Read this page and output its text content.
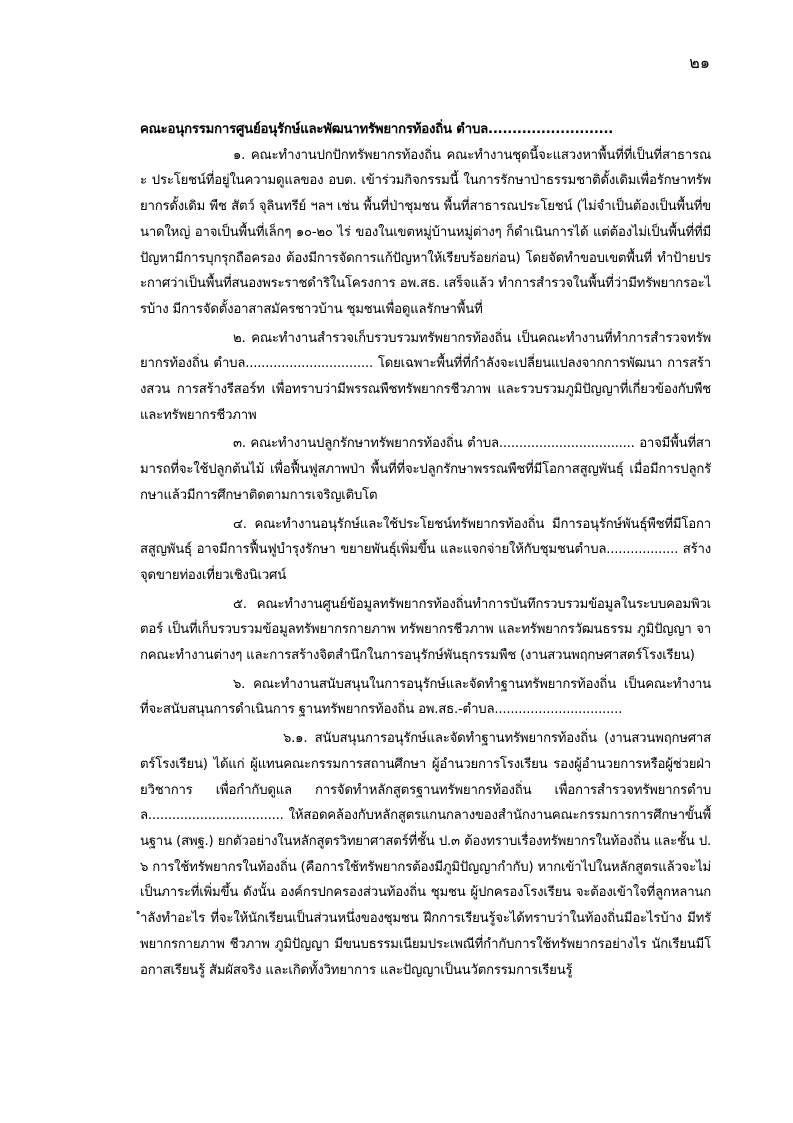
๒๑

คณะอนุกรรมการศูนย์อนุรักษ์และพัฒนาทรัพยากรท้องถิ่น ตำบล..........................

๑. คณะทำงานปกปักทรัพยากรท้องถิ่น คณะทำงานชุดนี้จะแสวงหาพื้นที่ที่เป็นที่สาธารณะ ประโยชน์ที่อยู่ในความดูแลของ อบต. เข้าร่วมกิจกรรมนี้ ในการรักษาป่าธรรมชาติดั้งเดิมเพื่อรักษาทรัพยากรดั้งเดิม พืช สัตว์ จุลินทรีย์ ฯลฯ เช่น พื้นที่ป่าชุมชน พื้นที่สาธารณประโยชน์ (ไม่จำเป็นต้องเป็นพื้นที่ขนาดใหญ่ อาจเป็นพื้นที่เล็กๆ ๑๐-๒๐ ไร่ ของในเขตหมู่บ้านหมู่ต่างๆ ก็ดำเนินการได้ แต่ต้องไม่เป็นพื้นที่ที่มีปัญหามีการบุกรุกถือครอง ต้องมีการจัดการแก้ปัญหาให้เรียบร้อยก่อน) โดยจัดทำขอบเขตพื้นที่ ทำป้ายประกาศว่าเป็นพื้นที่สนองพระราชดำริในโครงการ อพ.สธ. เสร็จแล้ว ทำการสำรวจในพื้นที่ว่ามีทรัพยากรอะไรบ้าง มีการจัดตั้งอาสาสมัครชาวบ้าน ชุมชนเพื่อดูแลรักษาพื้นที่

๒. คณะทำงานสำรวจเก็บรวบรวมทรัพยากรท้องถิ่น เป็นคณะทำงานที่ทำการสำรวจทรัพยากรท้องถิ่น ตำบล................................ โดยเฉพาะพื้นที่ที่กำลังจะเปลี่ยนแปลงจากการพัฒนา การสร้างสวน การสร้างรีสอร์ท เพื่อทราบว่ามีพรรณพืชทรัพยากรชีวภาพ และรวบรวมภูมิปัญญาที่เกี่ยวข้องกับพืช และทรัพยากรชีวภาพ

๓. คณะทำงานปลูกรักษาทรัพยากรท้องถิ่น ตำบล.................................. อาจมีพื้นที่สามารถที่จะใช้ปลูกต้นไม้ เพื่อฟื้นฟูสภาพป่า พื้นที่ที่จะปลูกรักษาพรรณพืชที่มีโอกาสสูญพันธุ์ เมื่อมีการปลูกรักษาแล้วมีการศึกษาติดตามการเจริญเติบโต

๔. คณะทำงานอนุรักษ์และใช้ประโยชน์ทรัพยากรท้องถิ่น มีการอนุรักษ์พันธุ์พืชที่มีโอกาสสูญพันธุ์ อาจมีการฟื้นฟูบำรุงรักษา ขยายพันธุ์เพิ่มขึ้น และแจกจ่ายให้กับชุมชนตำบล.................. สร้างจุดขายท่องเที่ยวเชิงนิเวศน์

๕. คณะทำงานศูนย์ข้อมูลทรัพยากรท้องถิ่นทำการบันทึกรวบรวมข้อมูลในระบบคอมพิวเตอร์ เป็นที่เก็บรวบรวมข้อมูลทรัพยากรกายภาพ ทรัพยากรชีวภาพ และทรัพยากรวัฒนธรรม ภูมิปัญญา จากคณะทำงานต่างๆ และการสร้างจิตสำนึกในการอนุรักษ์พันธุกรรมพืช (งานสวนพฤกษศาสตร์โรงเรียน)

๖. คณะทำงานสนับสนุนในการอนุรักษ์และจัดทำฐานทรัพยากรท้องถิ่น เป็นคณะทำงานที่จะสนับสนุนการดำเนินการ ฐานทรัพยากรท้องถิ่น อพ.สธ.-ตำบล................................

๖.๑. สนับสนุนการอนุรักษ์และจัดทำฐานทรัพยากรท้องถิ่น (งานสวนพฤกษศาสตร์โรงเรียน) ได้แก่ ผู้แทนคณะกรรมการสถานศึกษา ผู้อำนวยการโรงเรียน รองผู้อำนวยการหรือผู้ช่วยฝ่ายวิชาการ เพื่อกำกับดูแล การจัดทำหลักสูตรฐานทรัพยากรท้องถิ่น เพื่อการสำรวจทรัพยากรตำบล.................................. ให้สอดคล้องกับหลักสูตรแกนกลางของสำนักงานคณะกรรมการการศึกษาขั้นพื้นฐาน (สพฐ.) ยกตัวอย่างในหลักสูตรวิทยาศาสตร์ที่ชั้น ป.๓ ต้องทราบเรื่องทรัพยากรในท้องถิ่น และชั้น ป.๖ การใช้ทรัพยากรในท้องถิ่น (คือการใช้ทรัพยากรต้องมีภูมิปัญญากำกับ) หากเข้าไปในหลักสูตรแล้วจะไม่เป็นภาระที่เพิ่มขึ้น ดังนั้น องค์กรปกครองส่วนท้องถิ่น ชุมชน ผู้ปกครองโรงเรียน จะต้องเข้าใจที่ลูกหลานกำลังทำอะไร ที่จะให้นักเรียนเป็นส่วนหนึ่งของชุมชน ฝึกการเรียนรู้จะได้ทราบว่าในท้องถิ่นมีอะไรบ้าง มีทรัพยากรกายภาพ ชีวภาพ ภูมิปัญญา มีขนบธรรมเนียมประเพณีที่กำกับการใช้ทรัพยากรอย่างไร นักเรียนมีโอกาสเรียนรู้ สัมผัสจริง และเกิดทั้งวิทยาการ และปัญญาเป็นนวัตกรรมการเรียนรู้
